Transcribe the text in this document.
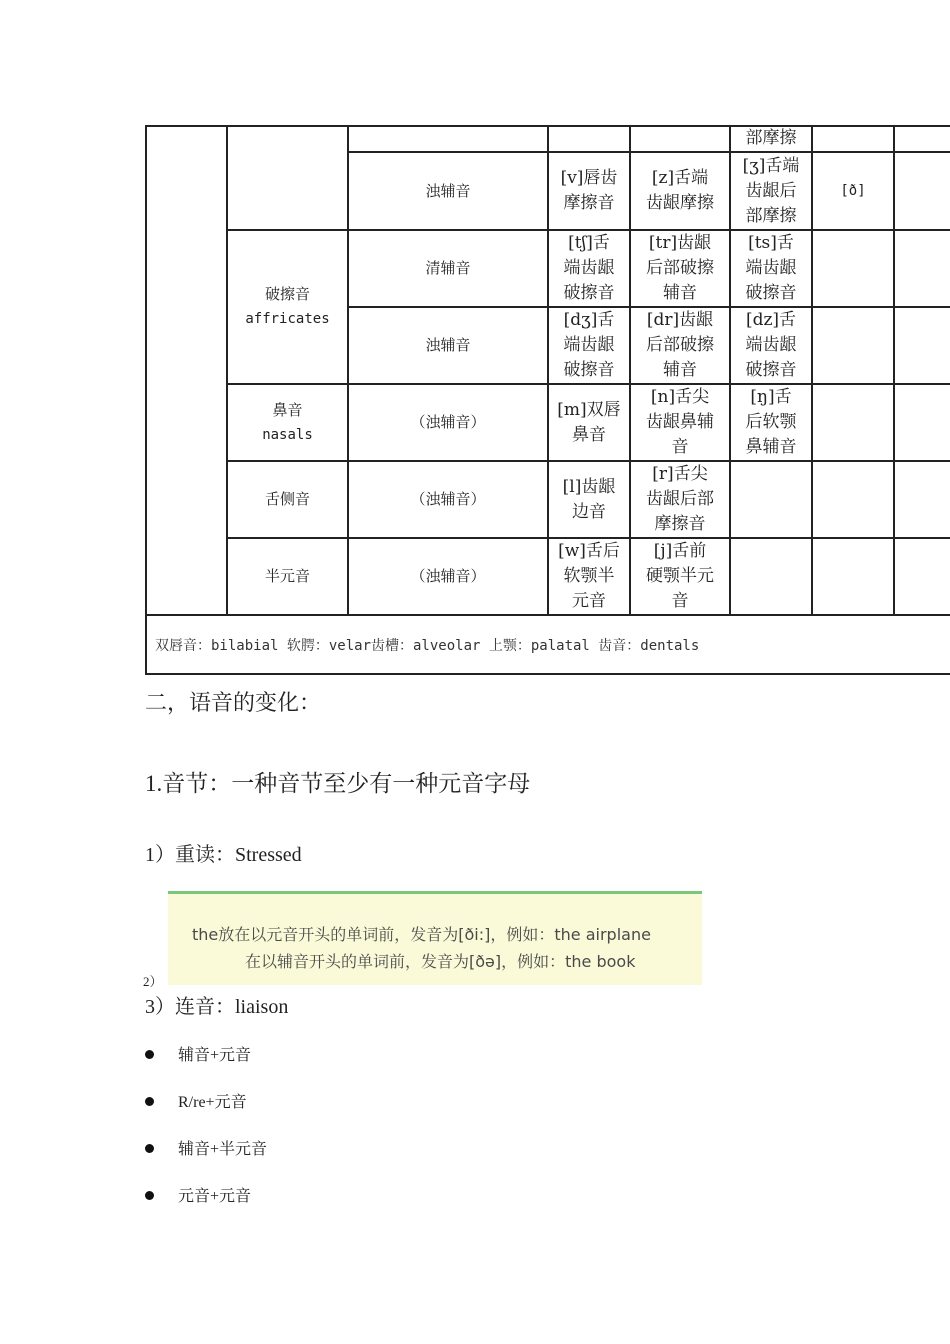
部摩擦
浊辅音
[v]唇齿
摩擦音
[z]舌端
齿龈摩擦
[ʒ]舌端
齿龈后
部摩擦
[ð]
破擦音
affricates
清辅音
[tʃ]舌
端齿龈
破擦音
[tr]齿龈
后部破擦
辅音
[ts]舌
端齿龈
破擦音
浊辅音
[dʒ]舌
端齿龈
破擦音
[dr]齿龈
后部破擦
辅音
[dz]舌
端齿龈
破擦音
鼻音
nasals
（浊辅音）
[m]双唇
鼻音
[n]舌尖
齿龈鼻辅
音
[ŋ]舌
后软颚
鼻辅音
舌侧音	（浊辅音）
[l]齿龈
边音
[r]舌尖
齿龈后部
摩擦音
半元音	（浊辅音）
[w]舌后
软颚半
元音
[j]舌前
硬颚半元
音
双唇音：bilabial 软腭：velar齿槽：alveolar 上颚：palatal 齿音：dentals
二，语音的变化：
1.音节：一种音节至少有一种元音字母
1）重读：Stressed
2）
the放在以元音开头的单词前，发音为[ði:]，例如：the airplane
在以辅音开头的单词前，发音为[ðə]，例如：the book
3）连音：liaison
辅音+元音
R/re+元音
辅音+半元音
元音+元音
